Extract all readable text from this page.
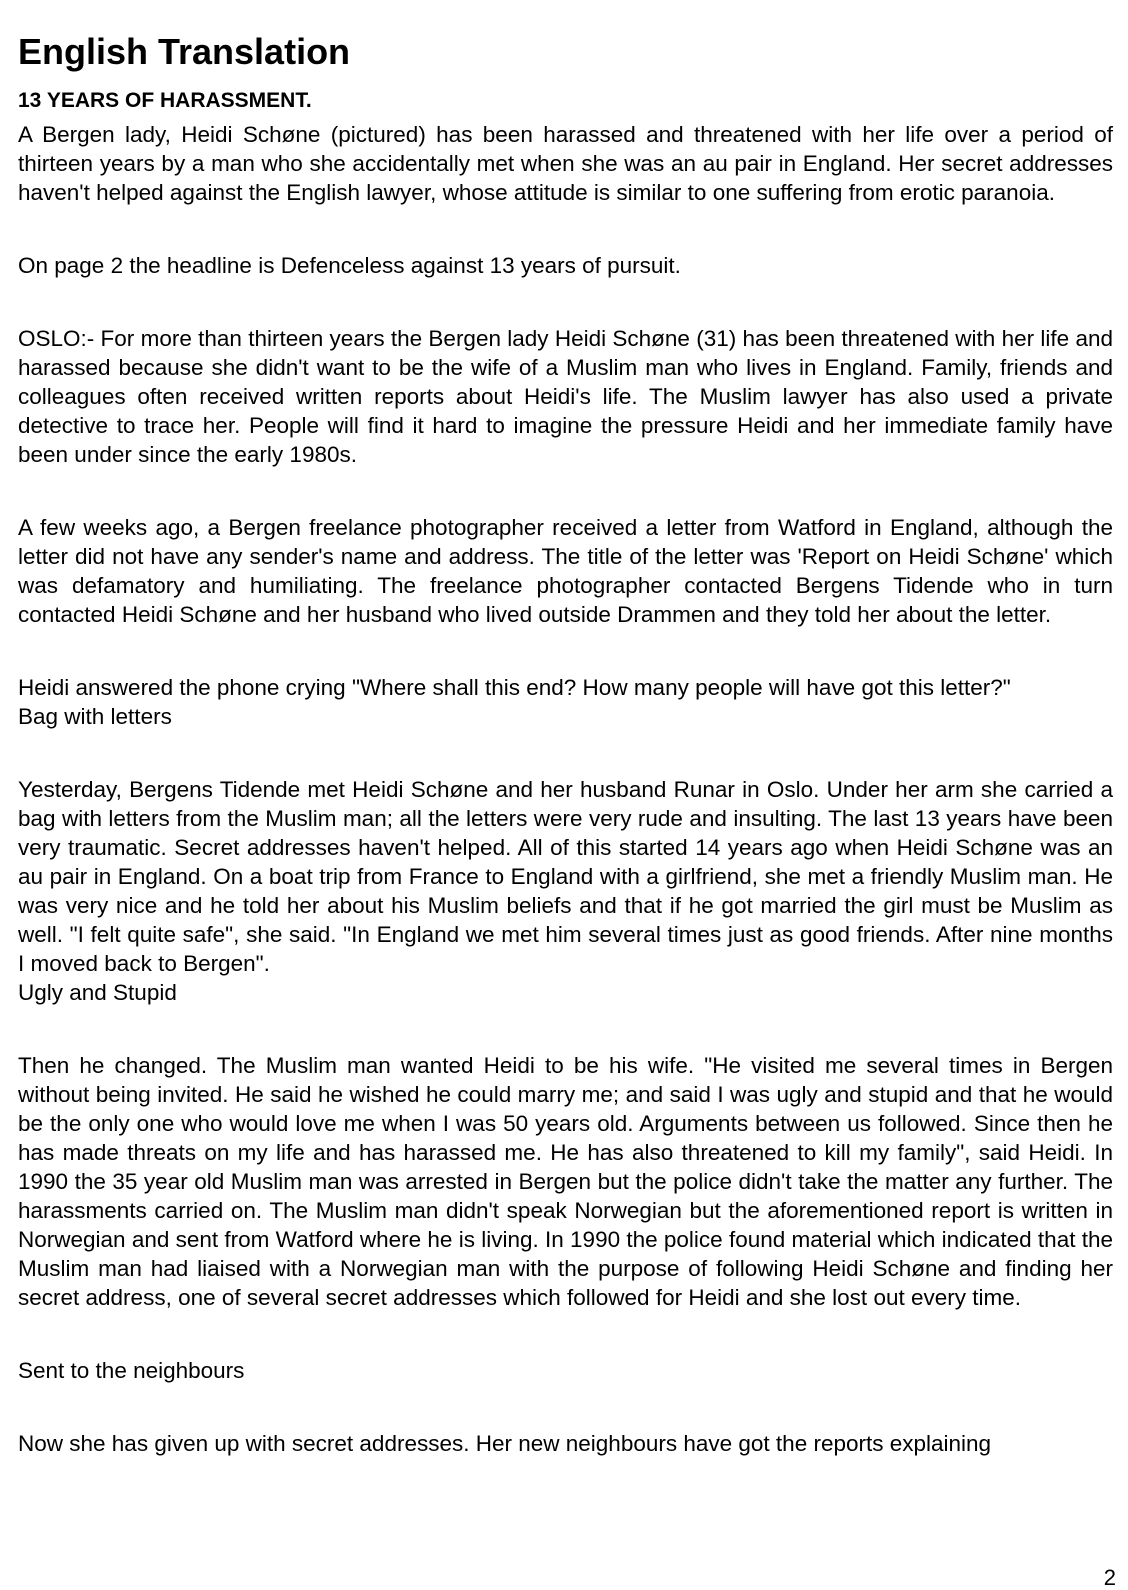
English Translation
13 YEARS OF HARASSMENT.

A Bergen lady, Heidi Schøne (pictured) has been harassed and threatened with her life over a period of thirteen years by a man who she accidentally met when she was an au pair in England. Her secret addresses haven't helped against the English lawyer, whose attitude is similar to one suffering from erotic paranoia.

On page 2 the headline is Defenceless against 13 years of pursuit.

OSLO:- For more than thirteen years the Bergen lady Heidi Schøne (31) has been threatened with her life and harassed because she didn't want to be the wife of a Muslim man who lives in England. Family, friends and colleagues often received written reports about Heidi's life. The Muslim lawyer has also used a private detective to trace her. People will find it hard to imagine the pressure Heidi and her immediate family have been under since the early 1980s.

A few weeks ago, a Bergen freelance photographer received a letter from Watford in England, although the letter did not have any sender's name and address. The title of the letter was 'Report on Heidi Schøne' which was defamatory and humiliating. The freelance photographer contacted Bergens Tidende who in turn contacted Heidi Schøne and her husband who lived outside Drammen and they told her about the letter.

Heidi answered the phone crying "Where shall this end? How many people will have got this letter?"
Bag with letters

Yesterday, Bergens Tidende met Heidi Schøne and her husband Runar in Oslo. Under her arm she carried a bag with letters from the Muslim man; all the letters were very rude and insulting. The last 13 years have been very traumatic. Secret addresses haven't helped. All of this started 14 years ago when Heidi Schøne was an au pair in England. On a boat trip from France to England with a girlfriend, she met a friendly Muslim man. He was very nice and he told her about his Muslim beliefs and that if he got married the girl must be Muslim as well. "I felt quite safe", she said. "In England we met him several times just as good friends. After nine months I moved back to Bergen".
Ugly and Stupid

Then he changed. The Muslim man wanted Heidi to be his wife. "He visited me several times in Bergen without being invited. He said he wished he could marry me; and said I was ugly and stupid and that he would be the only one who would love me when I was 50 years old. Arguments between us followed. Since then he has made threats on my life and has harassed me. He has also threatened to kill my family", said Heidi. In 1990 the 35 year old Muslim man was arrested in Bergen but the police didn't take the matter any further. The harassments carried on. The Muslim man didn't speak Norwegian but the aforementioned report is written in Norwegian and sent from Watford where he is living. In 1990 the police found material which indicated that the Muslim man had liaised with a Norwegian man with the purpose of following Heidi Schøne and finding her secret address, one of several secret addresses which followed for Heidi and she lost out every time.

Sent to the neighbours

Now she has given up with secret addresses. Her new neighbours have got the reports explaining

2
